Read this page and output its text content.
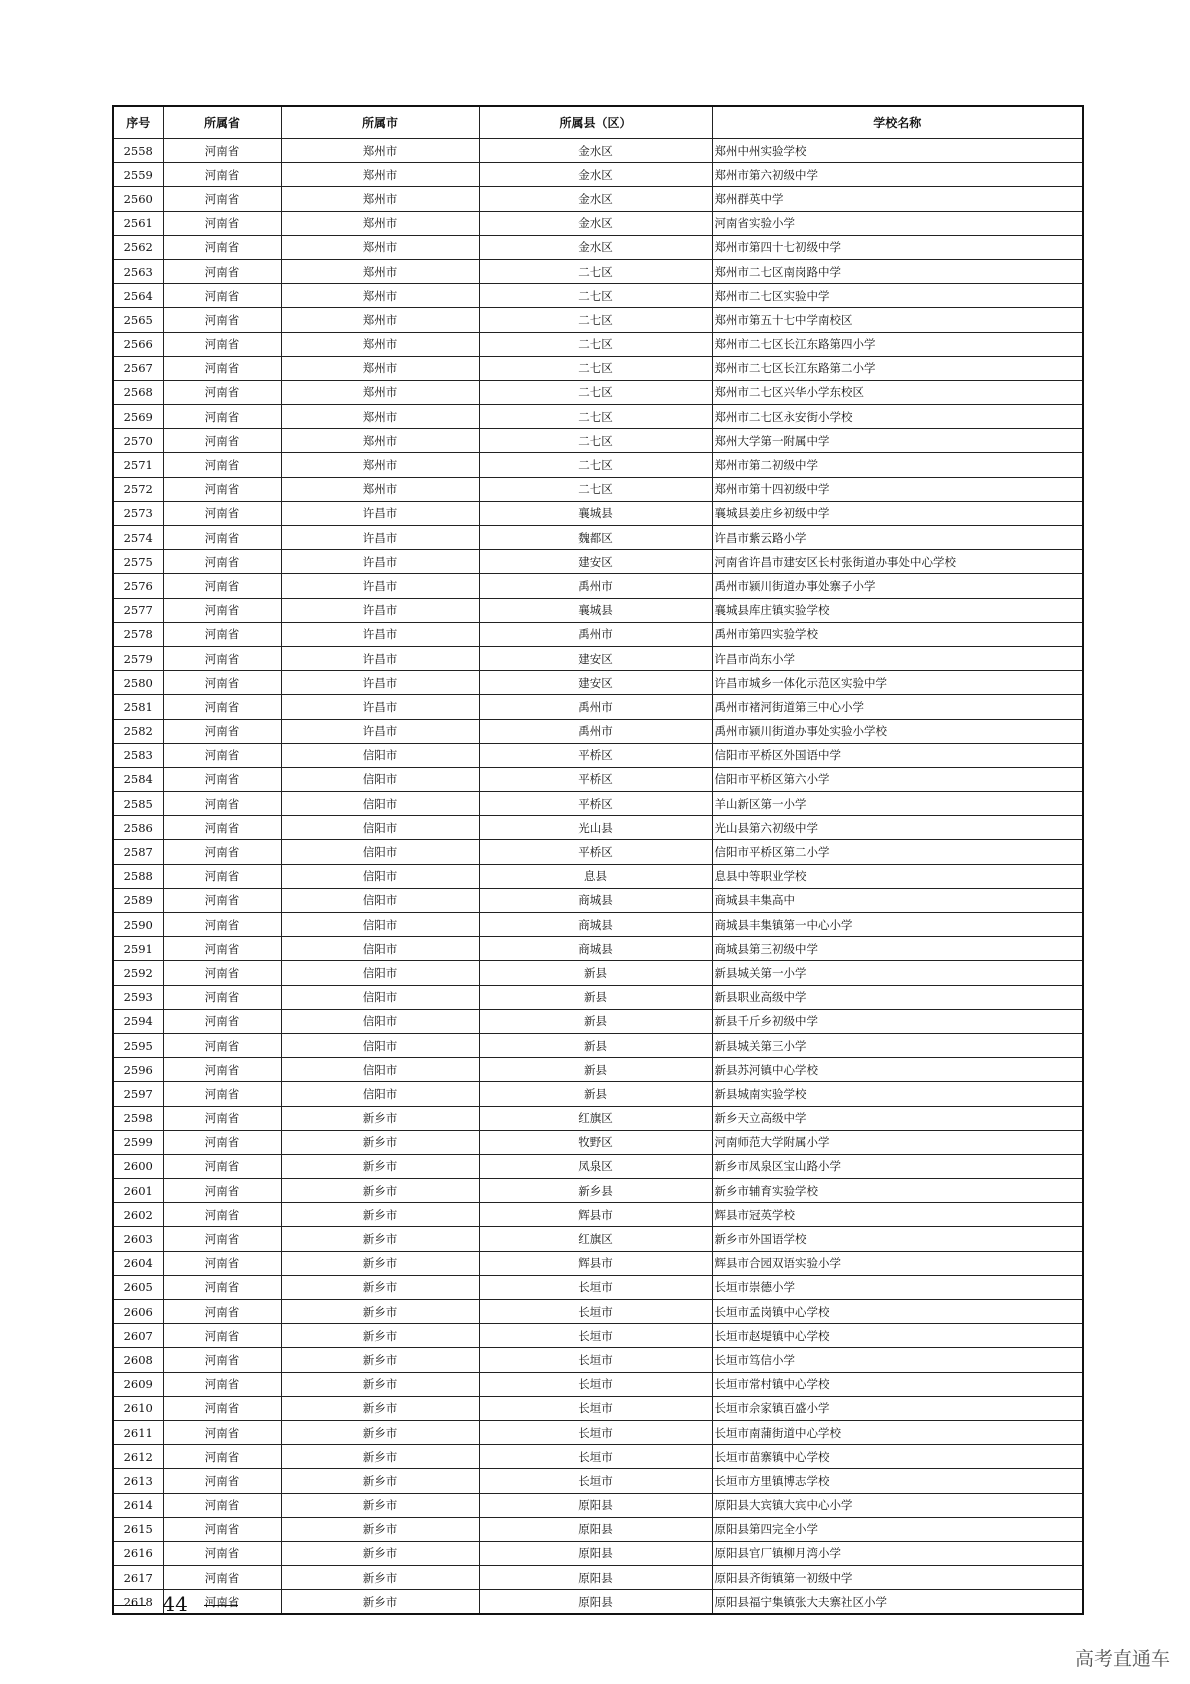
序号	所属省	所属市	所属县（区）	学校名称
2558	河南省	郑州市	金水区	郑州中州实验学校
2559	河南省	郑州市	金水区	郑州市第六初级中学
2560	河南省	郑州市	金水区	郑州群英中学
2561	河南省	郑州市	金水区	河南省实验小学
2562	河南省	郑州市	金水区	郑州市第四十七初级中学
2563	河南省	郑州市	二七区	郑州市二七区南岗路中学
2564	河南省	郑州市	二七区	郑州市二七区实验中学
2565	河南省	郑州市	二七区	郑州市第五十七中学南校区
2566	河南省	郑州市	二七区	郑州市二七区长江东路第四小学
2567	河南省	郑州市	二七区	郑州市二七区长江东路第二小学
2568	河南省	郑州市	二七区	郑州市二七区兴华小学东校区
2569	河南省	郑州市	二七区	郑州市二七区永安街小学校
2570	河南省	郑州市	二七区	郑州大学第一附属中学
2571	河南省	郑州市	二七区	郑州市第二初级中学
2572	河南省	郑州市	二七区	郑州市第十四初级中学
2573	河南省	许昌市	襄城县	襄城县姜庄乡初级中学
2574	河南省	许昌市	魏都区	许昌市紫云路小学
2575	河南省	许昌市	建安区	河南省许昌市建安区长村张街道办事处中心学校
2576	河南省	许昌市	禹州市	禹州市颍川街道办事处寨子小学
2577	河南省	许昌市	襄城县	襄城县库庄镇实验学校
2578	河南省	许昌市	禹州市	禹州市第四实验学校
2579	河南省	许昌市	建安区	许昌市尚东小学
2580	河南省	许昌市	建安区	许昌市城乡一体化示范区实验中学
2581	河南省	许昌市	禹州市	禹州市褚河街道第三中心小学
2582	河南省	许昌市	禹州市	禹州市颍川街道办事处实验小学校
2583	河南省	信阳市	平桥区	信阳市平桥区外国语中学
2584	河南省	信阳市	平桥区	信阳市平桥区第六小学
2585	河南省	信阳市	平桥区	羊山新区第一小学
2586	河南省	信阳市	光山县	光山县第六初级中学
2587	河南省	信阳市	平桥区	信阳市平桥区第二小学
2588	河南省	信阳市	息县	息县中等职业学校
2589	河南省	信阳市	商城县	商城县丰集高中
2590	河南省	信阳市	商城县	商城县丰集镇第一中心小学
2591	河南省	信阳市	商城县	商城县第三初级中学
2592	河南省	信阳市	新县	新县城关第一小学
2593	河南省	信阳市	新县	新县职业高级中学
2594	河南省	信阳市	新县	新县千斤乡初级中学
2595	河南省	信阳市	新县	新县城关第三小学
2596	河南省	信阳市	新县	新县苏河镇中心学校
2597	河南省	信阳市	新县	新县城南实验学校
2598	河南省	新乡市	红旗区	新乡天立高级中学
2599	河南省	新乡市	牧野区	河南师范大学附属小学
2600	河南省	新乡市	凤泉区	新乡市凤泉区宝山路小学
2601	河南省	新乡市	新乡县	新乡市辅育实验学校
2602	河南省	新乡市	辉县市	辉县市冠英学校
2603	河南省	新乡市	红旗区	新乡市外国语学校
2604	河南省	新乡市	辉县市	辉县市合园双语实验小学
2605	河南省	新乡市	长垣市	长垣市崇德小学
2606	河南省	新乡市	长垣市	长垣市孟岗镇中心学校
2607	河南省	新乡市	长垣市	长垣市赵堤镇中心学校
2608	河南省	新乡市	长垣市	长垣市笃信小学
2609	河南省	新乡市	长垣市	长垣市常村镇中心学校
2610	河南省	新乡市	长垣市	长垣市佘家镇百盛小学
2611	河南省	新乡市	长垣市	长垣市南蒲街道中心学校
2612	河南省	新乡市	长垣市	长垣市苗寨镇中心学校
2613	河南省	新乡市	长垣市	长垣市方里镇博志学校
2614	河南省	新乡市	原阳县	原阳县大宾镇大宾中心小学
2615	河南省	新乡市	原阳县	原阳县第四完全小学
2616	河南省	新乡市	原阳县	原阳县官厂镇柳月湾小学
2617	河南省	新乡市	原阳县	原阳县齐街镇第一初级中学
2618	河南省	新乡市	原阳县	原阳县福宁集镇张大夫寨社区小学
44
高考直通车
